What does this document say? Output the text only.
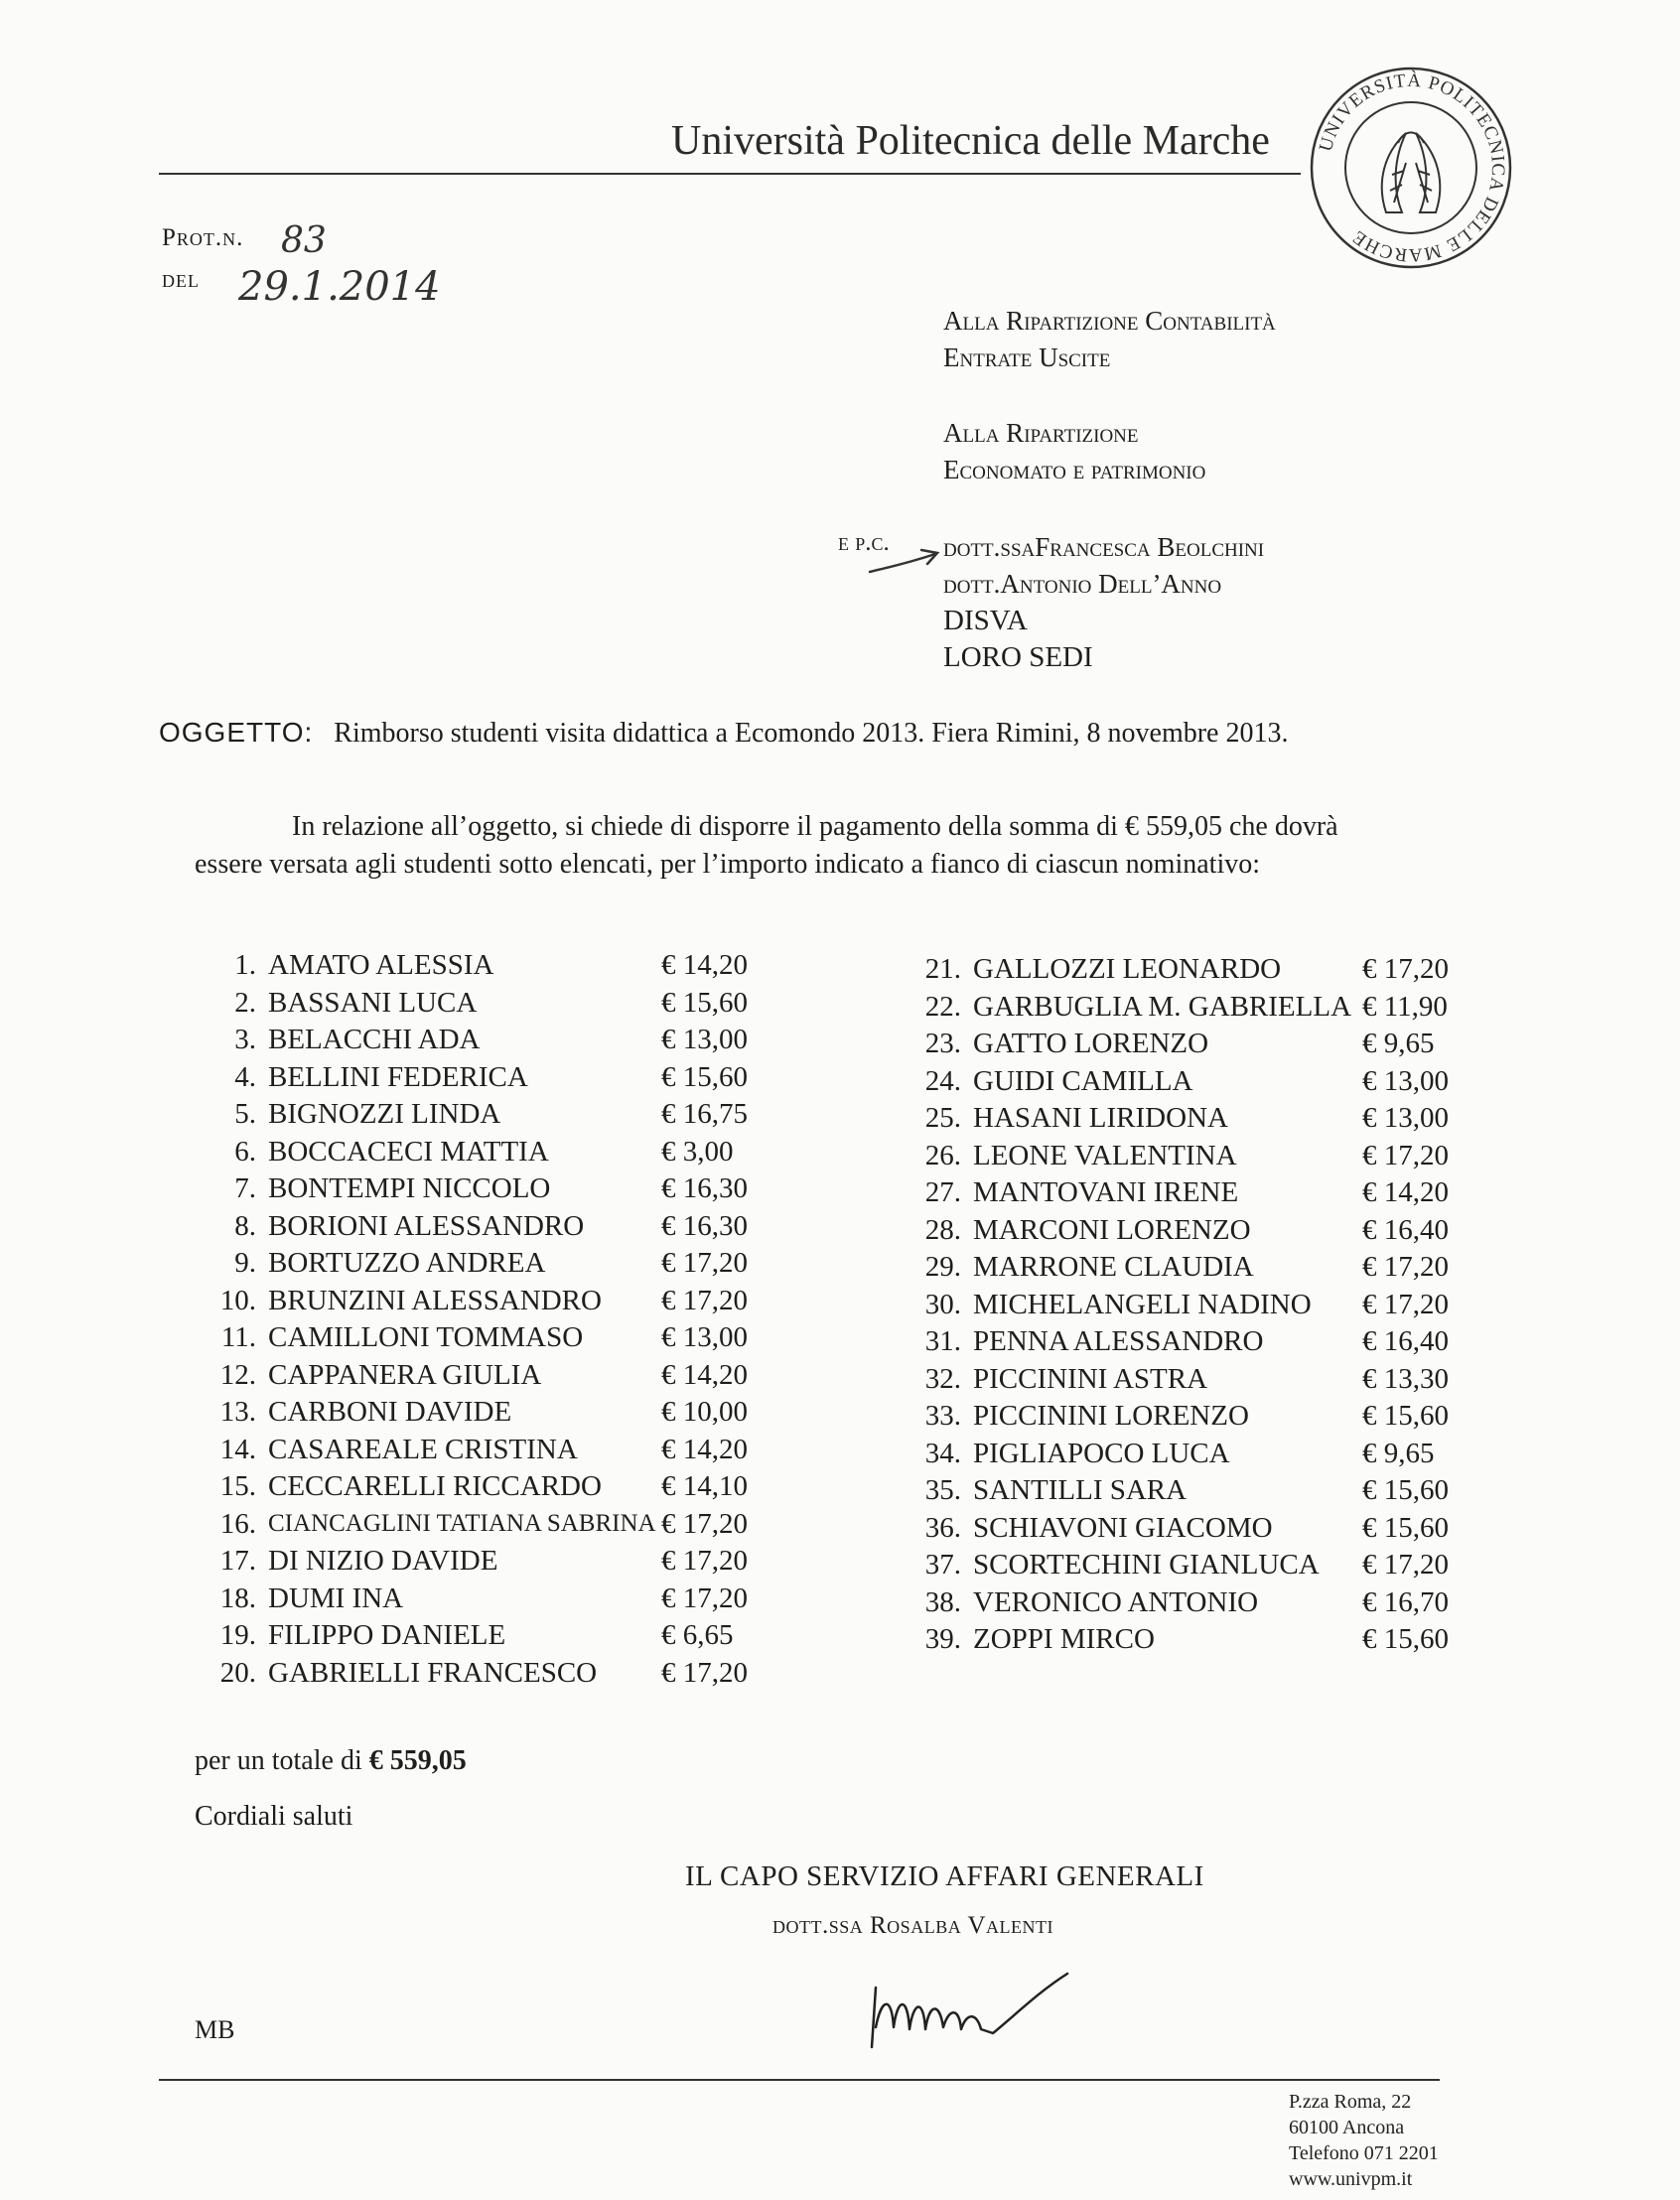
Università Politecnica delle Marche UNIVERSITÀ POLITECNICA DELLE MARCHE
Prot.n. 83
del 29.1.2014
Alla Ripartizione Contabilità
Entrate Uscite
Alla Ripartizione
Economato e patrimonio
e p.c. dott.ssaFrancesca Beolchini
dott.Antonio Dell’Anno
DISVA
LORO SEDI
OGGETTO: Rimborso studenti visita didattica a Ecomondo 2013. Fiera Rimini, 8 novembre 2013.

In relazione all’oggetto, si chiede di disporre il pagamento della somma di € 559,05 che dovrà

essere versata agli studenti sotto elencati, per l’importo indicato a fianco di ciascun nominativo:

1. AMATO ALESSIA	€ 14,20
2. BASSANI LUCA	€ 15,60
3. BELACCHI ADA	€ 13,00
4. BELLINI FEDERICA	€ 15,60
5. BIGNOZZI LINDA	€ 16,75
6. BOCCACECI MATTIA	€ 3,00
7. BONTEMPI NICCOLO	€ 16,30
8. BORIONI ALESSANDRO	€ 16,30
9. BORTUZZO ANDREA	€ 17,20
10. BRUNZINI ALESSANDRO	€ 17,20
11. CAMILLONI TOMMASO	€ 13,00
12. CAPPANERA GIULIA	€ 14,20
13. CARBONI DAVIDE	€ 10,00
14. CASAREALE CRISTINA	€ 14,20
15. CECCARELLI RICCARDO	€ 14,10
16. CIANCAGLINI TATIANA SABRINA € 17,20
17. DI NIZIO DAVIDE	€ 17,20
18. DUMI INA	€ 17,20
19. FILIPPO DANIELE	€ 6,65
20. GABRIELLI FRANCESCO	€ 17,20
21. GALLOZZI LEONARDO	€ 17,20
22. GARBUGLIA M. GABRIELLA € 11,90
23. GATTO LORENZO	€ 9,65
24. GUIDI CAMILLA	€ 13,00
25. HASANI LIRIDONA	€ 13,00
26. LEONE VALENTINA	€ 17,20
27. MANTOVANI IRENE	€ 14,20
28. MARCONI LORENZO	€ 16,40
29. MARRONE CLAUDIA	€ 17,20
30. MICHELANGELI NADINO	€ 17,20
31. PENNA ALESSANDRO	€ 16,40
32. PICCININI ASTRA	€ 13,30
33. PICCININI LORENZO	€ 15,60
34. PIGLIAPOCO LUCA	€ 9,65
35. SANTILLI SARA	€ 15,60
36. SCHIAVONI GIACOMO	€ 15,60
37. SCORTECHINI GIANLUCA	€ 17,20
38. VERONICO ANTONIO	€ 16,70
39. ZOPPI MIRCO	€ 15,60
per un totale di € 559,05
Cordiali saluti
IL CAPO SERVIZIO AFFARI GENERALI
dott.ssa Rosalba Valenti
MB
P.zza Roma, 22
60100 Ancona
Telefono 071 2201
www.univpm.it
